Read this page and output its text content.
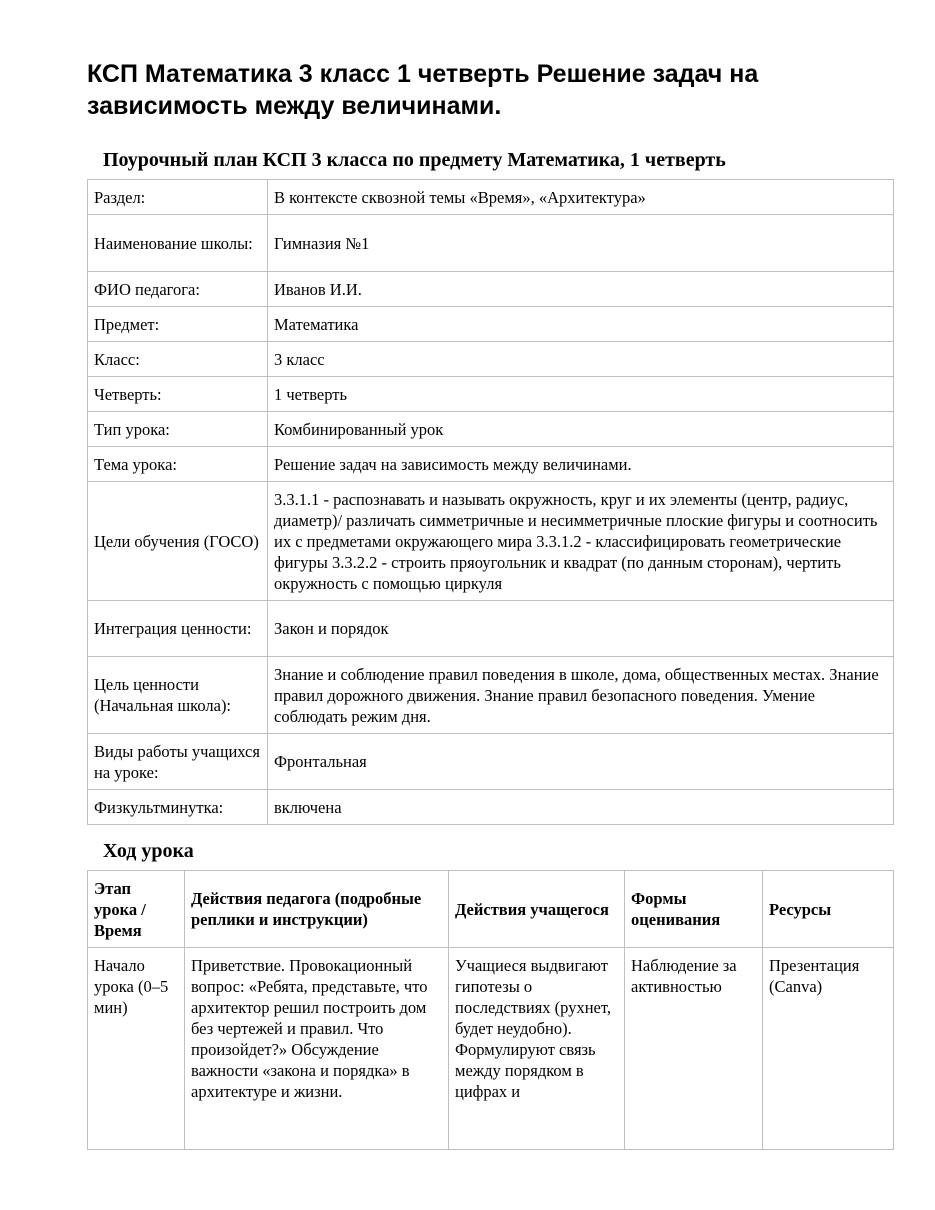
КСП Математика 3 класс 1 четверть Решение задач на зависимость между величинами.
Поурочный план КСП 3 класса по предмету Математика, 1 четверть
Раздел:	В контексте сквозной темы «Время», «Архитектура»
Наименование школы:	Гимназия №1
ФИО педагога:	Иванов И.И.
Предмет:	Математика
Класс:	3 класс
Четверть:	1 четверть
Тип урока:	Комбинированный урок
Тема урока:	Решение задач на зависимость между величинами.
Цели обучения (ГОСО)	3.3.1.1 - распознавать и называть окружность, круг и их элементы (центр, радиус, диаметр)/ различать симметричные и несимметричные плоские фигуры и соотносить их с предметами окружающего мира 3.3.1.2 - классифицировать геометрические фигуры 3.3.2.2 - строить пряоугольник и квадрат (по данным сторонам), чертить окружность с помощью циркуля
Интеграция ценности:	Закон и порядок
Цель ценности (Начальная школа):	Знание и соблюдение правил поведения в школе, дома, общественных местах. Знание правил дорожного движения. Знание правил безопасного поведения. Умение соблюдать режим дня.
Виды работы учащихся на уроке:	Фронтальная
Физкультминутка:	включена
Ход урока
Этап урока / Время	Действия педагога (подробные реплики и инструкции)	Действия учащегося	Формы оценивания	Ресурсы
Начало урока (0–5 мин)	Приветствие. Провокационный вопрос: «Ребята, представьте, что архитектор решил построить дом без чертежей и правил. Что произойдет?» Обсуждение важности «закона и порядка» в архитектуре и жизни.	Учащиеся выдвигают гипотезы о последствиях (рухнет, будет неудобно). Формулируют связь между порядком в цифрах и	Наблюдение за активностью	Презентация (Canva)
